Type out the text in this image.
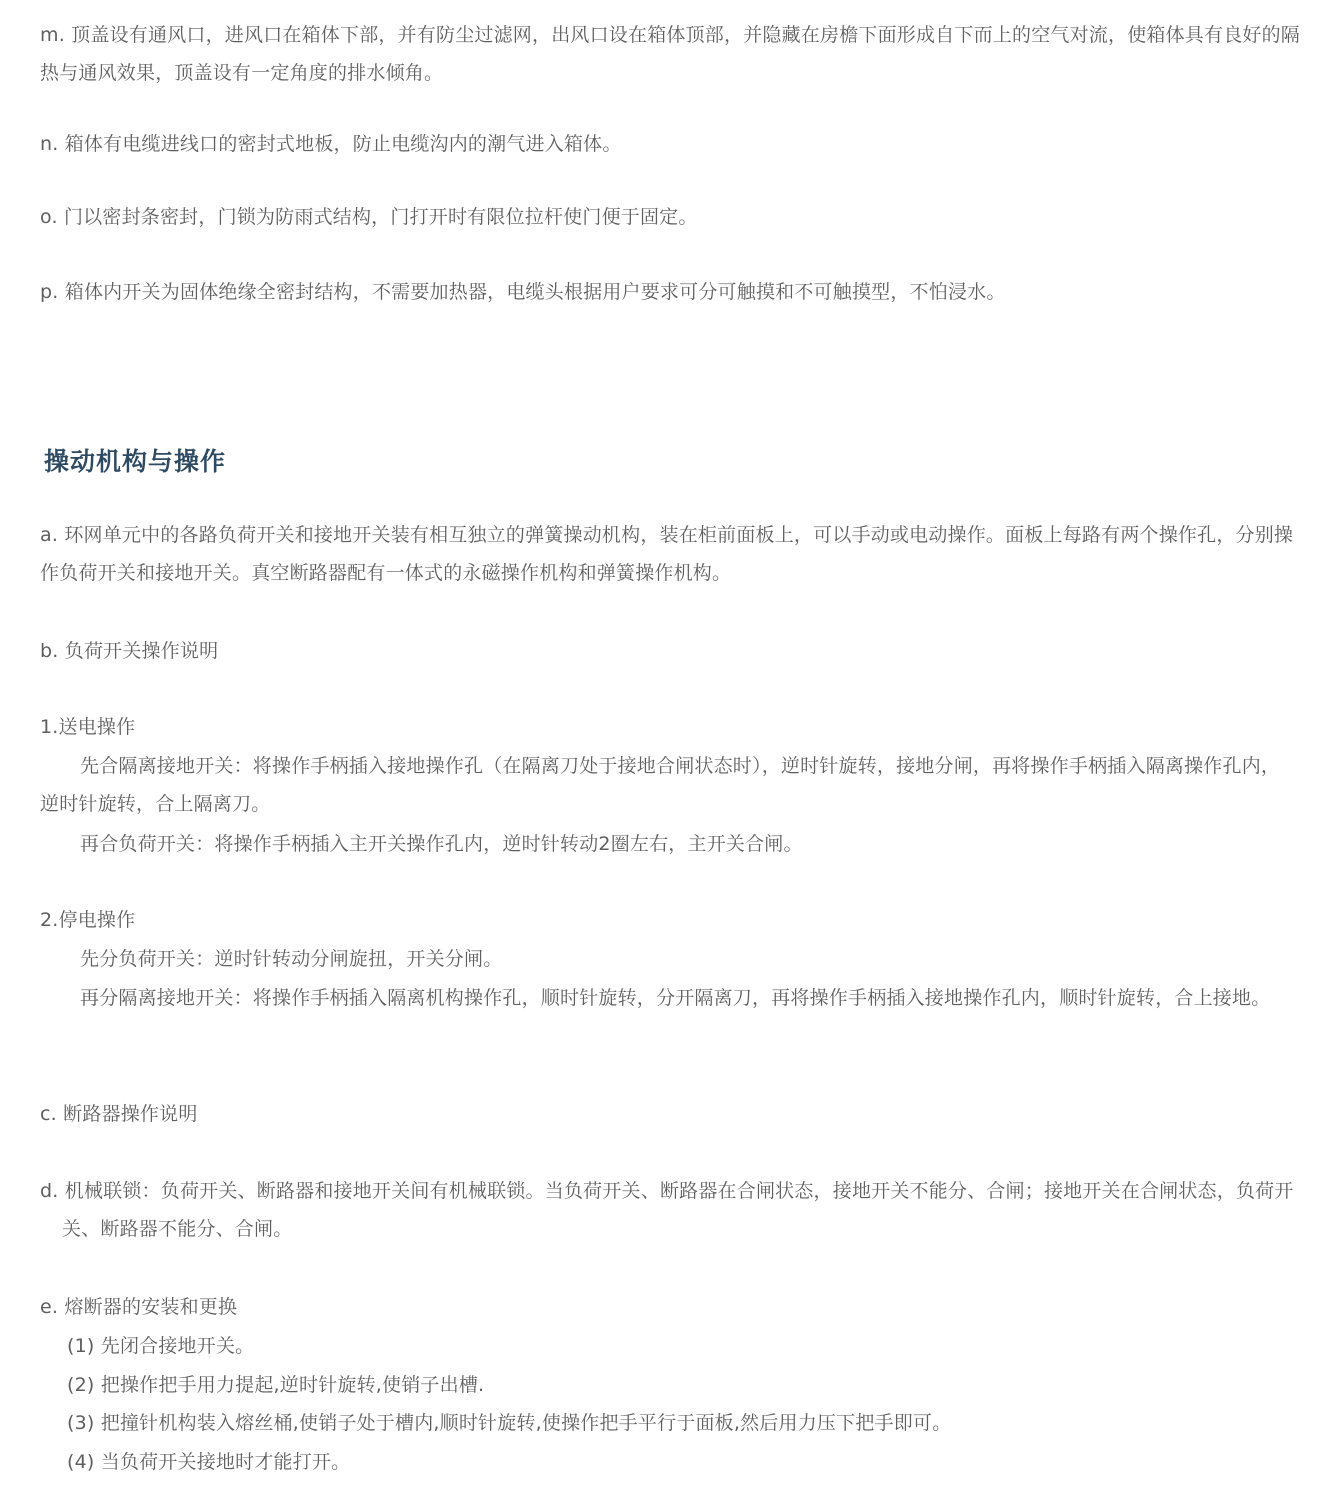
m. 顶盖设有通风口，进风口在箱体下部，并有防尘过滤网，出风口设在箱体顶部，并隐藏在房檐下面形成自下而上的空气对流，使箱体具有良好的隔热与通风效果，顶盖设有一定角度的排水倾角。

n. 箱体有电缆进线口的密封式地板，防止电缆沟内的潮气进入箱体。

o. 门以密封条密封，门锁为防雨式结构，门打开时有限位拉杆使门便于固定。

p. 箱体内开关为固体绝缘全密封结构，不需要加热器，电缆头根据用户要求可分可触摸和不可触摸型，不怕浸水。

操动机构与操作

a. 环网单元中的各路负荷开关和接地开关装有相互独立的弹簧操动机构，装在柜前面板上，可以手动或电动操作。面板上每路有两个操作孔，分别操作负荷开关和接地开关。真空断路器配有一体式的永磁操作机构和弹簧操作机构。

b. 负荷开关操作说明

1.送电操作

先合隔离接地开关：将操作手柄插入接地操作孔（在隔离刀处于接地合闸状态时），逆时针旋转，接地分闸，再将操作手柄插入隔离操作孔内，逆时针旋转，合上隔离刀。

再合负荷开关：将操作手柄插入主开关操作孔内，逆时针转动2圈左右，主开关合闸。

2.停电操作

先分负荷开关：逆时针转动分闸旋扭，开关分闸。

再分隔离接地开关：将操作手柄插入隔离机构操作孔，顺时针旋转，分开隔离刀，再将操作手柄插入接地操作孔内，顺时针旋转，合上接地。

c. 断路器操作说明

d. 机械联锁：负荷开关、断路器和接地开关间有机械联锁。当负荷开关、断路器在合闸状态，接地开关不能分、合闸；接地开关在合闸状态，负荷开关、断路器不能分、合闸。

e. 熔断器的安装和更换

(1) 先闭合接地开关。

(2) 把操作把手用力提起,逆时针旋转,使销子出槽.

(3) 把撞针机构装入熔丝桶,使销子处于槽内,顺时针旋转,使操作把手平行于面板,然后用力压下把手即可。

(4) 当负荷开关接地时才能打开。
